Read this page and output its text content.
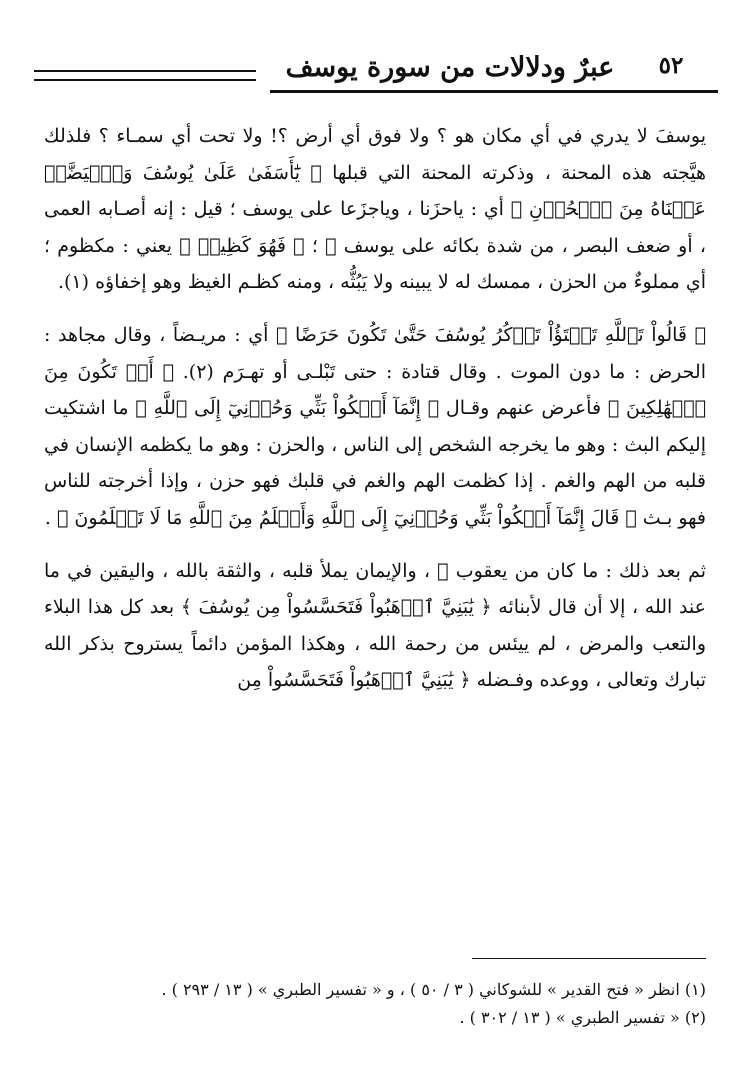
عبرٌ ودلالات من سورة يوسف	٥٢

يوسفَ لا يدري في أي مكان هو ؟ ولا فوق أي أرض ؟! ولا تحت أي سمـاء ؟ فلذلك هيَّجته هذه المحنة ، وذكرته المحنة التي قبلها ﴿ يَٰٓأَسَفَىٰ عَلَىٰ يُوسُفَ وَٱبۡيَضَّتۡ عَيۡنَاهُ مِنَ ٱلۡحُزۡنِ ﴾ أي : ياحزَنا ، وياجزَعا على يوسف ؛ قيل : إنه أصـابه العمى ، أو ضعف البصر ، من شدة بكائه على يوسف ﷺ ؛ ﴿ فَهُوَ كَظِيمٞ ﴾ يعني : مكظوم ؛ أي مملوءٌ من الحزن ، ممسك له لا يبينه ولا يَبُثُّه ، ومنه كظـم الغيظ وهو إخفاؤه (١).

﴿ قَالُواْ تَٱللَّهِ تَفۡتَؤُاْ تَذۡكُرُ يُوسُفَ حَتَّىٰ تَكُونَ حَرَضًا ﴾ أي : مريـضاً ، وقال مجاهد : الحرض : ما دون الموت . وقال قتادة : حتى تَبْلـى أو تهـرَم (٢). ﴿ أَوۡ تَكُونَ مِنَ ٱلۡهَٰلِكِينَ ﴾ فأعرض عنهم وقـال ﴿ إِنَّمَآ أَشۡكُواْ بَثِّي وَحُزۡنِيٓ إِلَى ٱللَّهِ ﴾ ما اشتكيت إليكم البث : وهو ما يخرجه الشخص إلى الناس ، والحزن : وهو ما يكظمه الإنسان في قلبه من الهم والغم . إذا كظمت الهم والغم في قلبك فهو حزن ، وإذا أخرجته للناس فهو بـث ﴿ قَالَ إِنَّمَآ أَشۡكُواْ بَثِّي وَحُزۡنِيٓ إِلَى ٱللَّهِ وَأَعۡلَمُ مِنَ ٱللَّهِ مَا لَا تَعۡلَمُونَ ﴾ .

ثم بعد ذلك : ما كان من يعقوب ﷺ ، والإيمان يملأ قلبه ، والثقة بالله ، واليقين في ما عند الله ، إلا أن قال لأبنائه ﴿ يَٰبَنِيَّ ٱذۡهَبُواْ فَتَحَسَّسُواْ مِن يُوسُفَ ﴾ بعد كل هذا البلاء والتعب والمرض ، لم ييئس من رحمة الله ، وهكذا المؤمن دائماً يستروح بذكر الله تبارك وتعالى ، ووعده وفـضله ﴿ يَٰبَنِيَّ ٱذۡهَبُواْ فَتَحَسَّسُواْ مِن

(١) انظر « فتح القدير » للشوكاني ( ٣ / ٥٠ ) ، و « تفسير الطبري » ( ١٣ / ٢٩٣ ) .

(٢) « تفسير الطبري » ( ١٣ / ٣٠٢ ) .
